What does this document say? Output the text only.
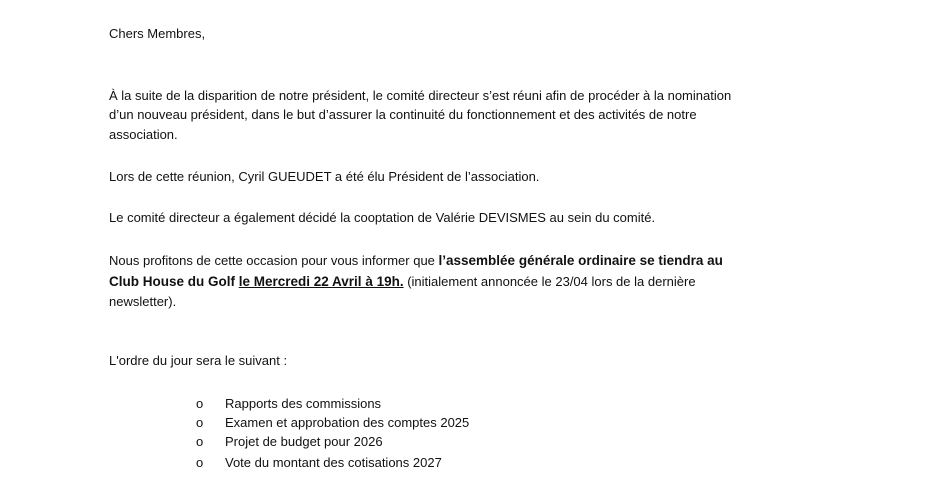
Chers Membres,
À la suite de la disparition de notre président, le comité directeur s’est réuni afin de procéder à la nomination
d’un nouveau président, dans le but d’assurer la continuité du fonctionnement et des activités de notre
association.
Lors de cette réunion, Cyril GUEUDET a été élu Président de l’association.
Le comité directeur a également décidé la cooptation de Valérie DEVISMES au sein du comité.
Nous profitons de cette occasion pour vous informer que l’assemblée générale ordinaire se tiendra au
Club House du Golf le Mercredi 22 Avril à 19h. (initialement annoncée le 23/04 lors de la dernière
newsletter).
L'ordre du jour sera le suivant :
o Rapports des commissions
o Examen et approbation des comptes 2025
o Projet de budget pour 2026
o Vote du montant des cotisations 2027
